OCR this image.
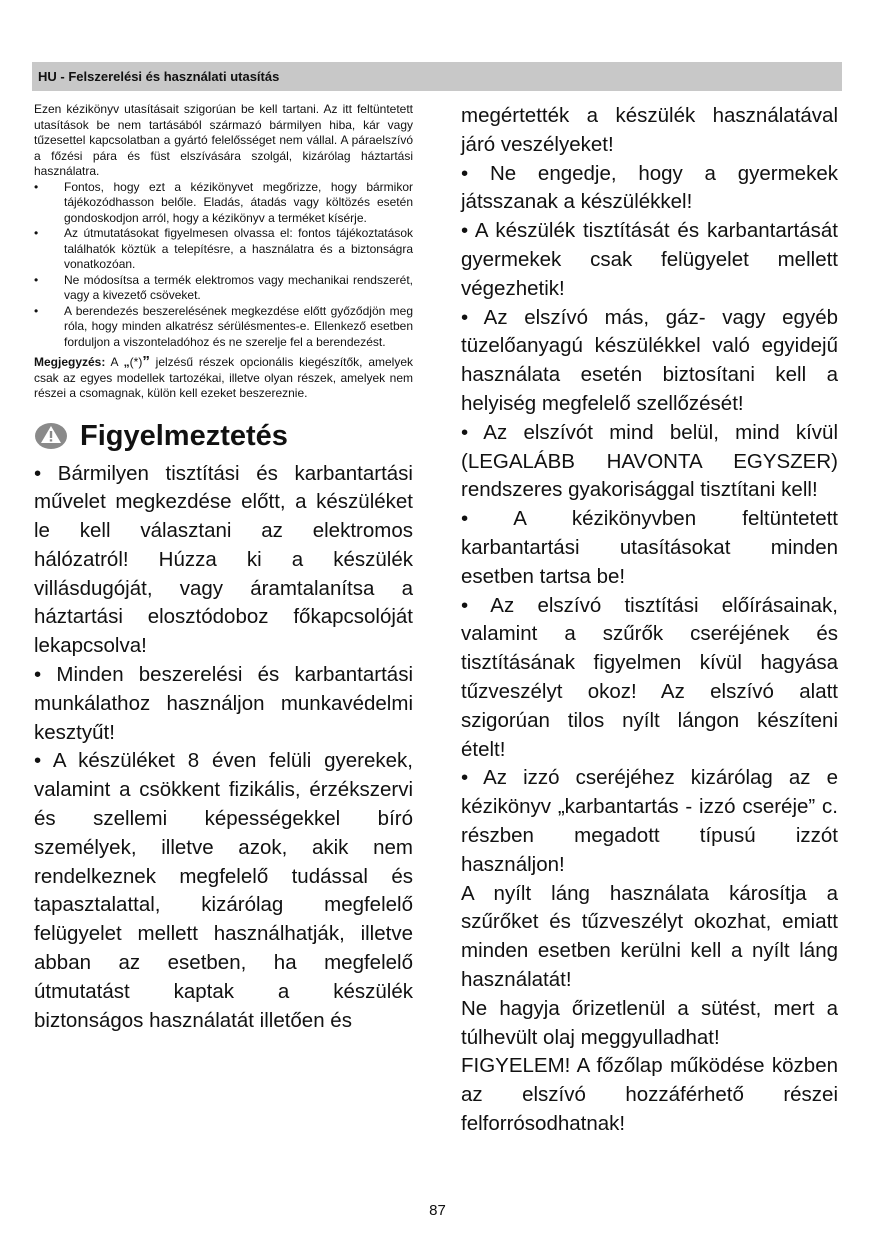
HU - Felszerelési és használati utasítás

Ezen kézikönyv utasításait szigorúan be kell tartani. Az itt feltüntetett utasítások be nem tartásából származó bármilyen hiba, kár vagy tűzesettel kapcsolatban a gyártó felelősséget nem vállal. A páraelszívó a főzési pára és füst elszívására szolgál, kizárólag háztartási használatra.

• Fontos, hogy ezt a kézikönyvet megőrizze, hogy bármikor tájékozódhasson belőle. Eladás, átadás vagy költözés esetén gondoskodjon arról, hogy a kézikönyv a terméket kísérje.
• Az útmutatásokat figyelmesen olvassa el: fontos tájékoztatások találhatók köztük a telepítésre, a használatra és a biztonságra vonatkozóan.
• Ne módosítsa a termék elektromos vagy mechanikai rendszerét, vagy a kivezető csöveket.
• A berendezés beszerelésének megkezdése előtt győződjön meg róla, hogy minden alkatrész sérülésmentes-e. Ellenkező esetben forduljon a viszonteladóhoz és ne szerelje fel a berendezést.

Megjegyzés: A „(*)” jelzésű részek opcionális kiegészítők, amelyek csak az egyes modellek tartozékai, illetve olyan részek, amelyek nem részei a csomagnak, külön kell ezeket beszereznie.

Figyelmeztetés

• Bármilyen tisztítási és karbantartási művelet megkezdése előtt, a készüléket le kell választani az elektromos hálózatról! Húzza ki a készülék villásdugóját, vagy áramtalanítsa a háztartási elosztódoboz főkapcsolóját lekapcsolva!

• Minden beszerelési és karbantartási munkálathoz használjon munkavédelmi kesztyűt!

• A készüléket 8 éven felüli gyerekek, valamint a csökkent fizikális, érzékszervi és szellemi képességekkel bíró személyek, illetve azok, akik nem rendelkeznek megfelelő tudással és tapasztalattal, kizárólag megfelelő felügyelet mellett használhatják, illetve abban az esetben, ha megfelelő útmutatást kaptak a készülék biztonságos használatát illetően és

megértették a készülék használatával járó veszélyeket!

• Ne engedje, hogy a gyermekek játsszanak a készülékkel!

• A készülék tisztítását és karbantartását gyermekek csak felügyelet mellett végezhetik!

• Az elszívó más, gáz- vagy egyéb tüzelőanyagú készülékkel való egyidejű használata esetén biztosítani kell a helyiség megfelelő szellőzését!

• Az elszívót mind belül, mind kívül (LEGALÁBB HAVONTA EGYSZER) rendszeres gyakorisággal tisztítani kell!

• A kézikönyvben feltüntetett karbantartási utasításokat minden esetben tartsa be!

• Az elszívó tisztítási előírásainak, valamint a szűrők cseréjének és tisztításának figyelmen kívül hagyása tűzveszélyt okoz! Az elszívó alatt szigorúan tilos nyílt lángon készíteni ételt!

• Az izzó cseréjéhez kizárólag az e kézikönyv „karbantartás - izzó cseréje” c. részben megadott típusú izzót használjon!

A nyílt láng használata károsítja a szűrőket és tűzveszélyt okozhat, emiatt minden esetben kerülni kell a nyílt láng használatát!

Ne hagyja őrizetlenül a sütést, mert a túlhevült olaj meggyulladhat!

FIGYELEM! A főzőlap működése közben az elszívó hozzáférhető részei felforrósodhatnak!

87
